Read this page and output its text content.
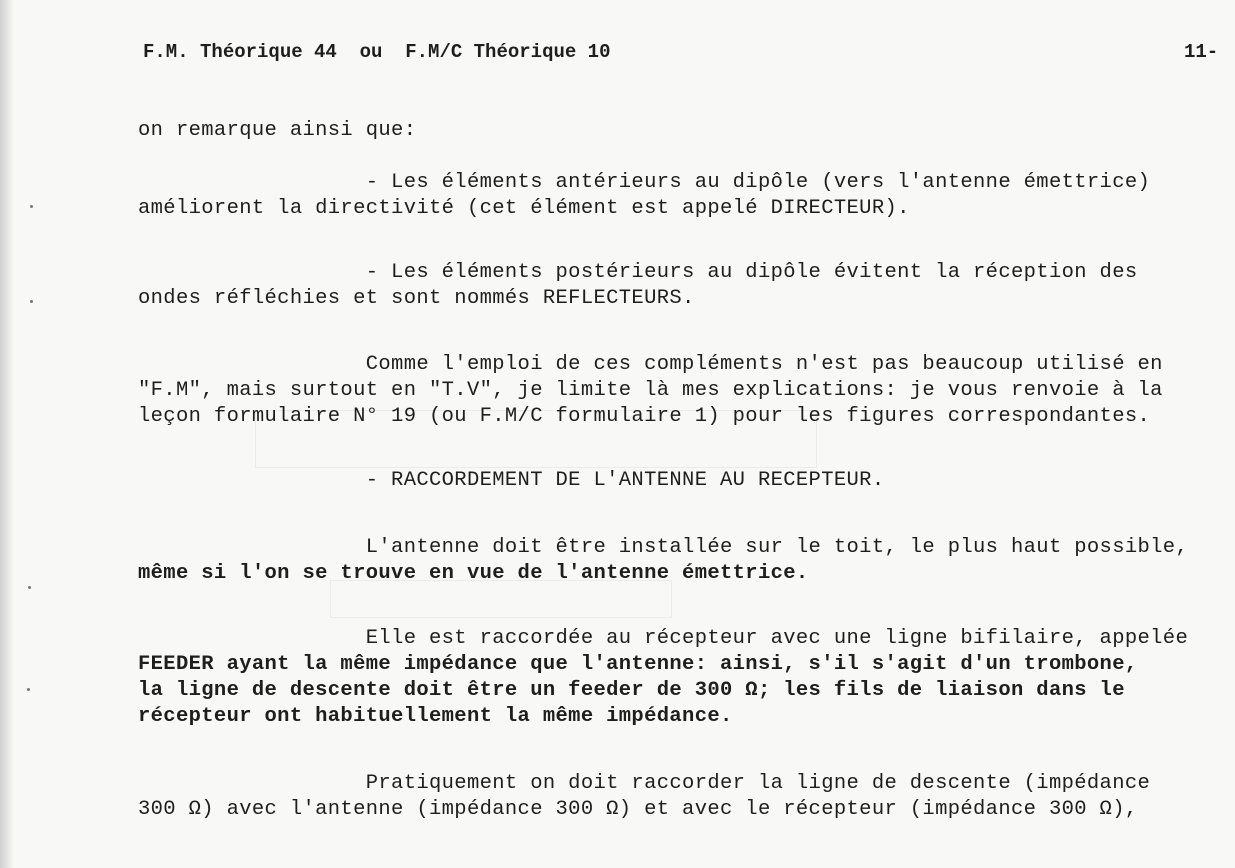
F.M. Théorique 44  ou  F.M/C Théorique 10	11-
on remarque ainsi que:
- Les éléments antérieurs au dipôle (vers l'antenne émettrice)
améliorent la directivité (cet élément est appelé DIRECTEUR).
- Les éléments postérieurs au dipôle évitent la réception des
ondes réfléchies et sont nommés REFLECTEURS.
Comme l'emploi de ces compléments n'est pas beaucoup utilisé en
"F.M", mais surtout en "T.V", je limite là mes explications: je vous renvoie à la
leçon formulaire N° 19 (ou F.M/C formulaire 1) pour les figures correspondantes.
- RACCORDEMENT DE L'ANTENNE AU RECEPTEUR.
L'antenne doit être installée sur le toit, le plus haut possible,
même si l'on se trouve en vue de l'antenne émettrice.
Elle est raccordée au récepteur avec une ligne bifilaire, appelée
FEEDER ayant la même impédance que l'antenne: ainsi, s'il s'agit d'un trombone,
la ligne de descente doit être un feeder de 300 Ω; les fils de liaison dans le
récepteur ont habituellement la même impédance.
Pratiquement on doit raccorder la ligne de descente (impédance
300 Ω) avec l'antenne (impédance 300 Ω) et avec le récepteur (impédance 300 Ω),
